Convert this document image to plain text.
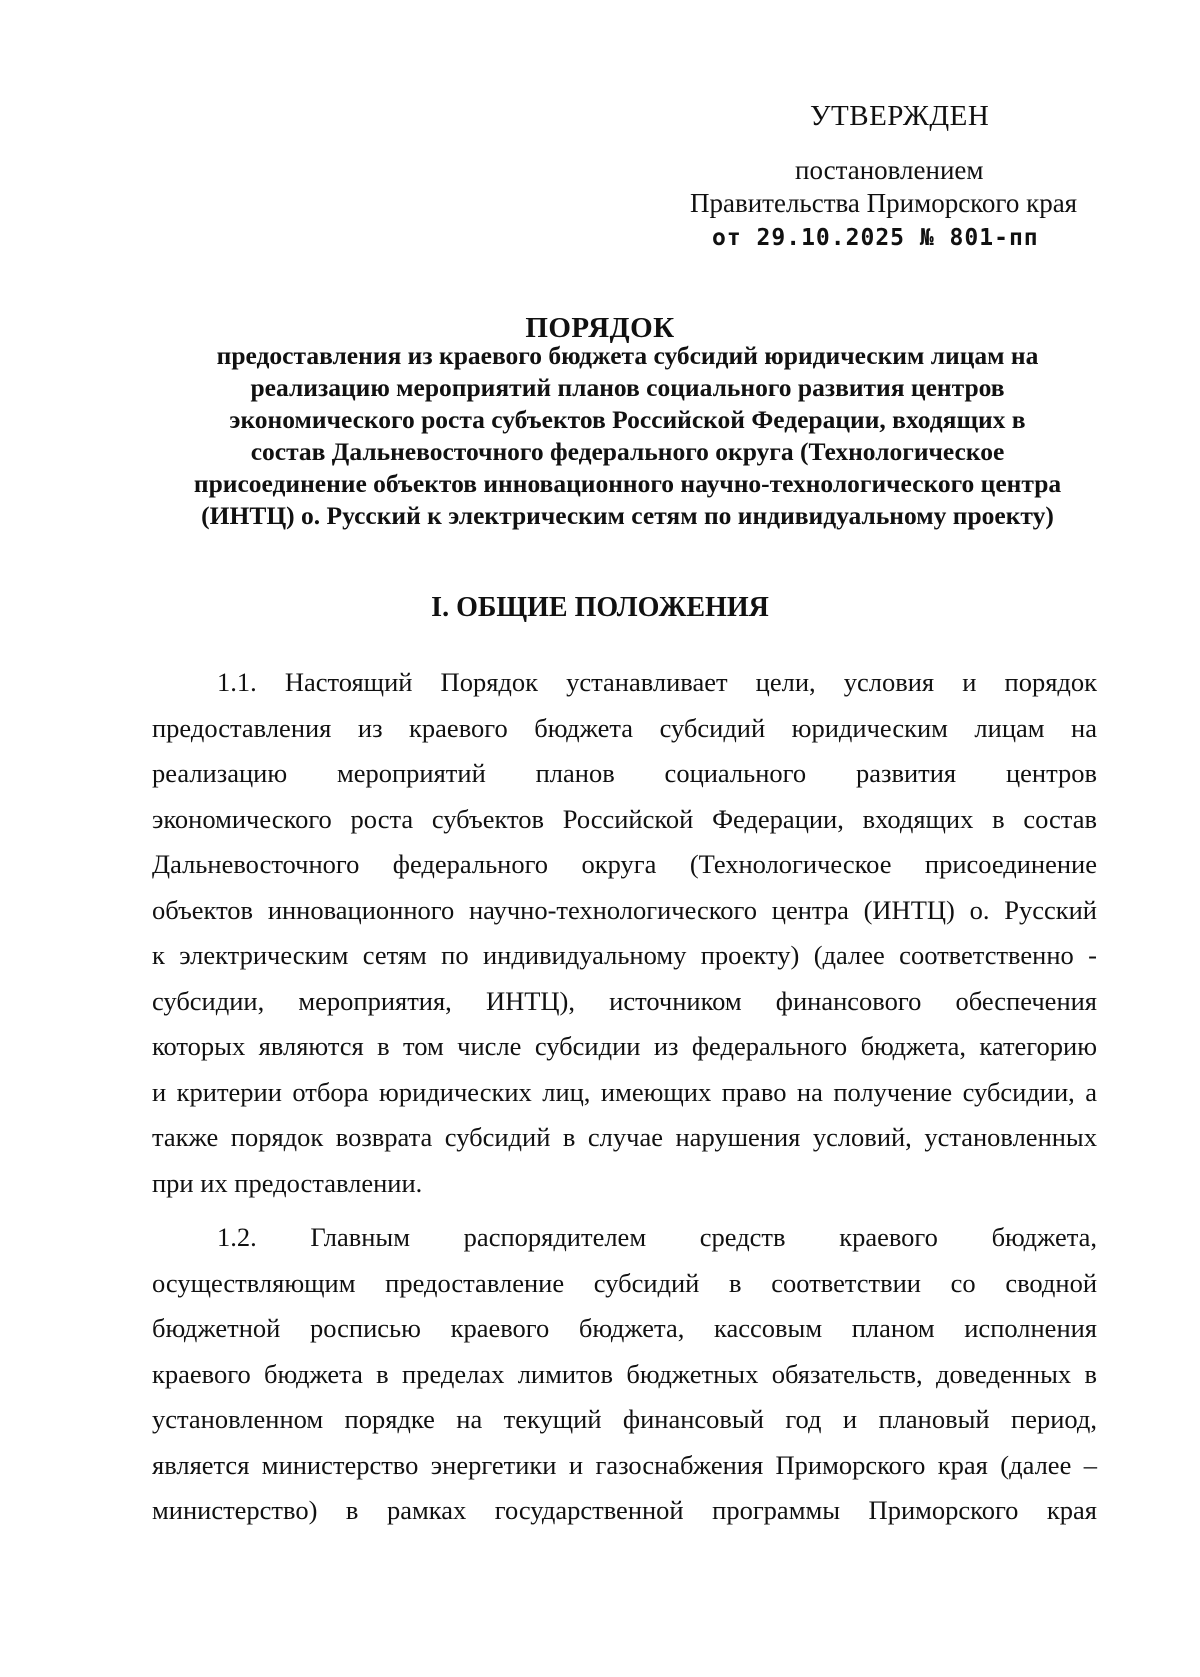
УТВЕРЖДЕН
постановлением
Правительства Приморского края
от 29.10.2025 № 801-пп
ПОРЯДОК
предоставления из краевого бюджета субсидий юридическим лицам на
реализацию мероприятий планов социального развития центров
экономического роста субъектов Российской Федерации, входящих в
состав Дальневосточного федерального округа (Технологическое
присоединение объектов инновационного научно-технологического центра
(ИНТЦ) о. Русский к электрическим сетям по индивидуальному проекту)
I. ОБЩИЕ ПОЛОЖЕНИЯ
1.1. Настоящий Порядок устанавливает цели, условия и порядок
предоставления из краевого бюджета субсидий юридическим лицам на
реализацию мероприятий планов социального развития центров
экономического роста субъектов Российской Федерации, входящих в состав
Дальневосточного федерального округа (Технологическое присоединение
объектов инновационного научно-технологического центра (ИНТЦ) о. Русский
к электрическим сетям по индивидуальному проекту) (далее соответственно -
субсидии, мероприятия, ИНТЦ), источником финансового обеспечения
которых являются в том числе субсидии из федерального бюджета, категорию
и критерии отбора юридических лиц, имеющих право на получение субсидии, а
также порядок возврата субсидий в случае нарушения условий, установленных
при их предоставлении.
1.2. Главным распорядителем средств краевого бюджета,
осуществляющим предоставление субсидий в соответствии со сводной
бюджетной росписью краевого бюджета, кассовым планом исполнения
краевого бюджета в пределах лимитов бюджетных обязательств, доведенных в
установленном порядке на текущий финансовый год и плановый период,
является министерство энергетики и газоснабжения Приморского края (далее –
министерство) в рамках государственной программы Приморского края
